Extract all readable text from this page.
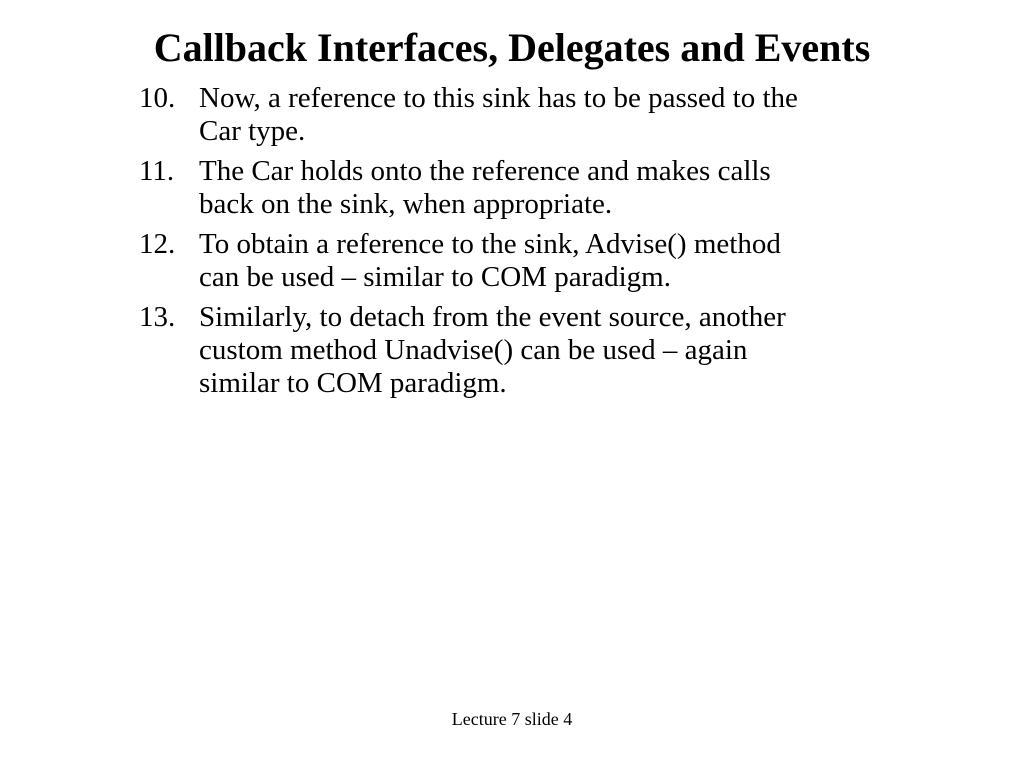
Callback Interfaces, Delegates and Events
10. Now, a reference to this sink has to be passed to the
Car type.
11. The Car holds onto the reference and makes calls
back on the sink, when appropriate.
12. To obtain a reference to the sink, Advise() method
can be used – similar to COM paradigm.
13. Similarly, to detach from the event source, another
custom method Unadvise() can be used – again
similar to COM paradigm.
Lecture 7 slide 4
